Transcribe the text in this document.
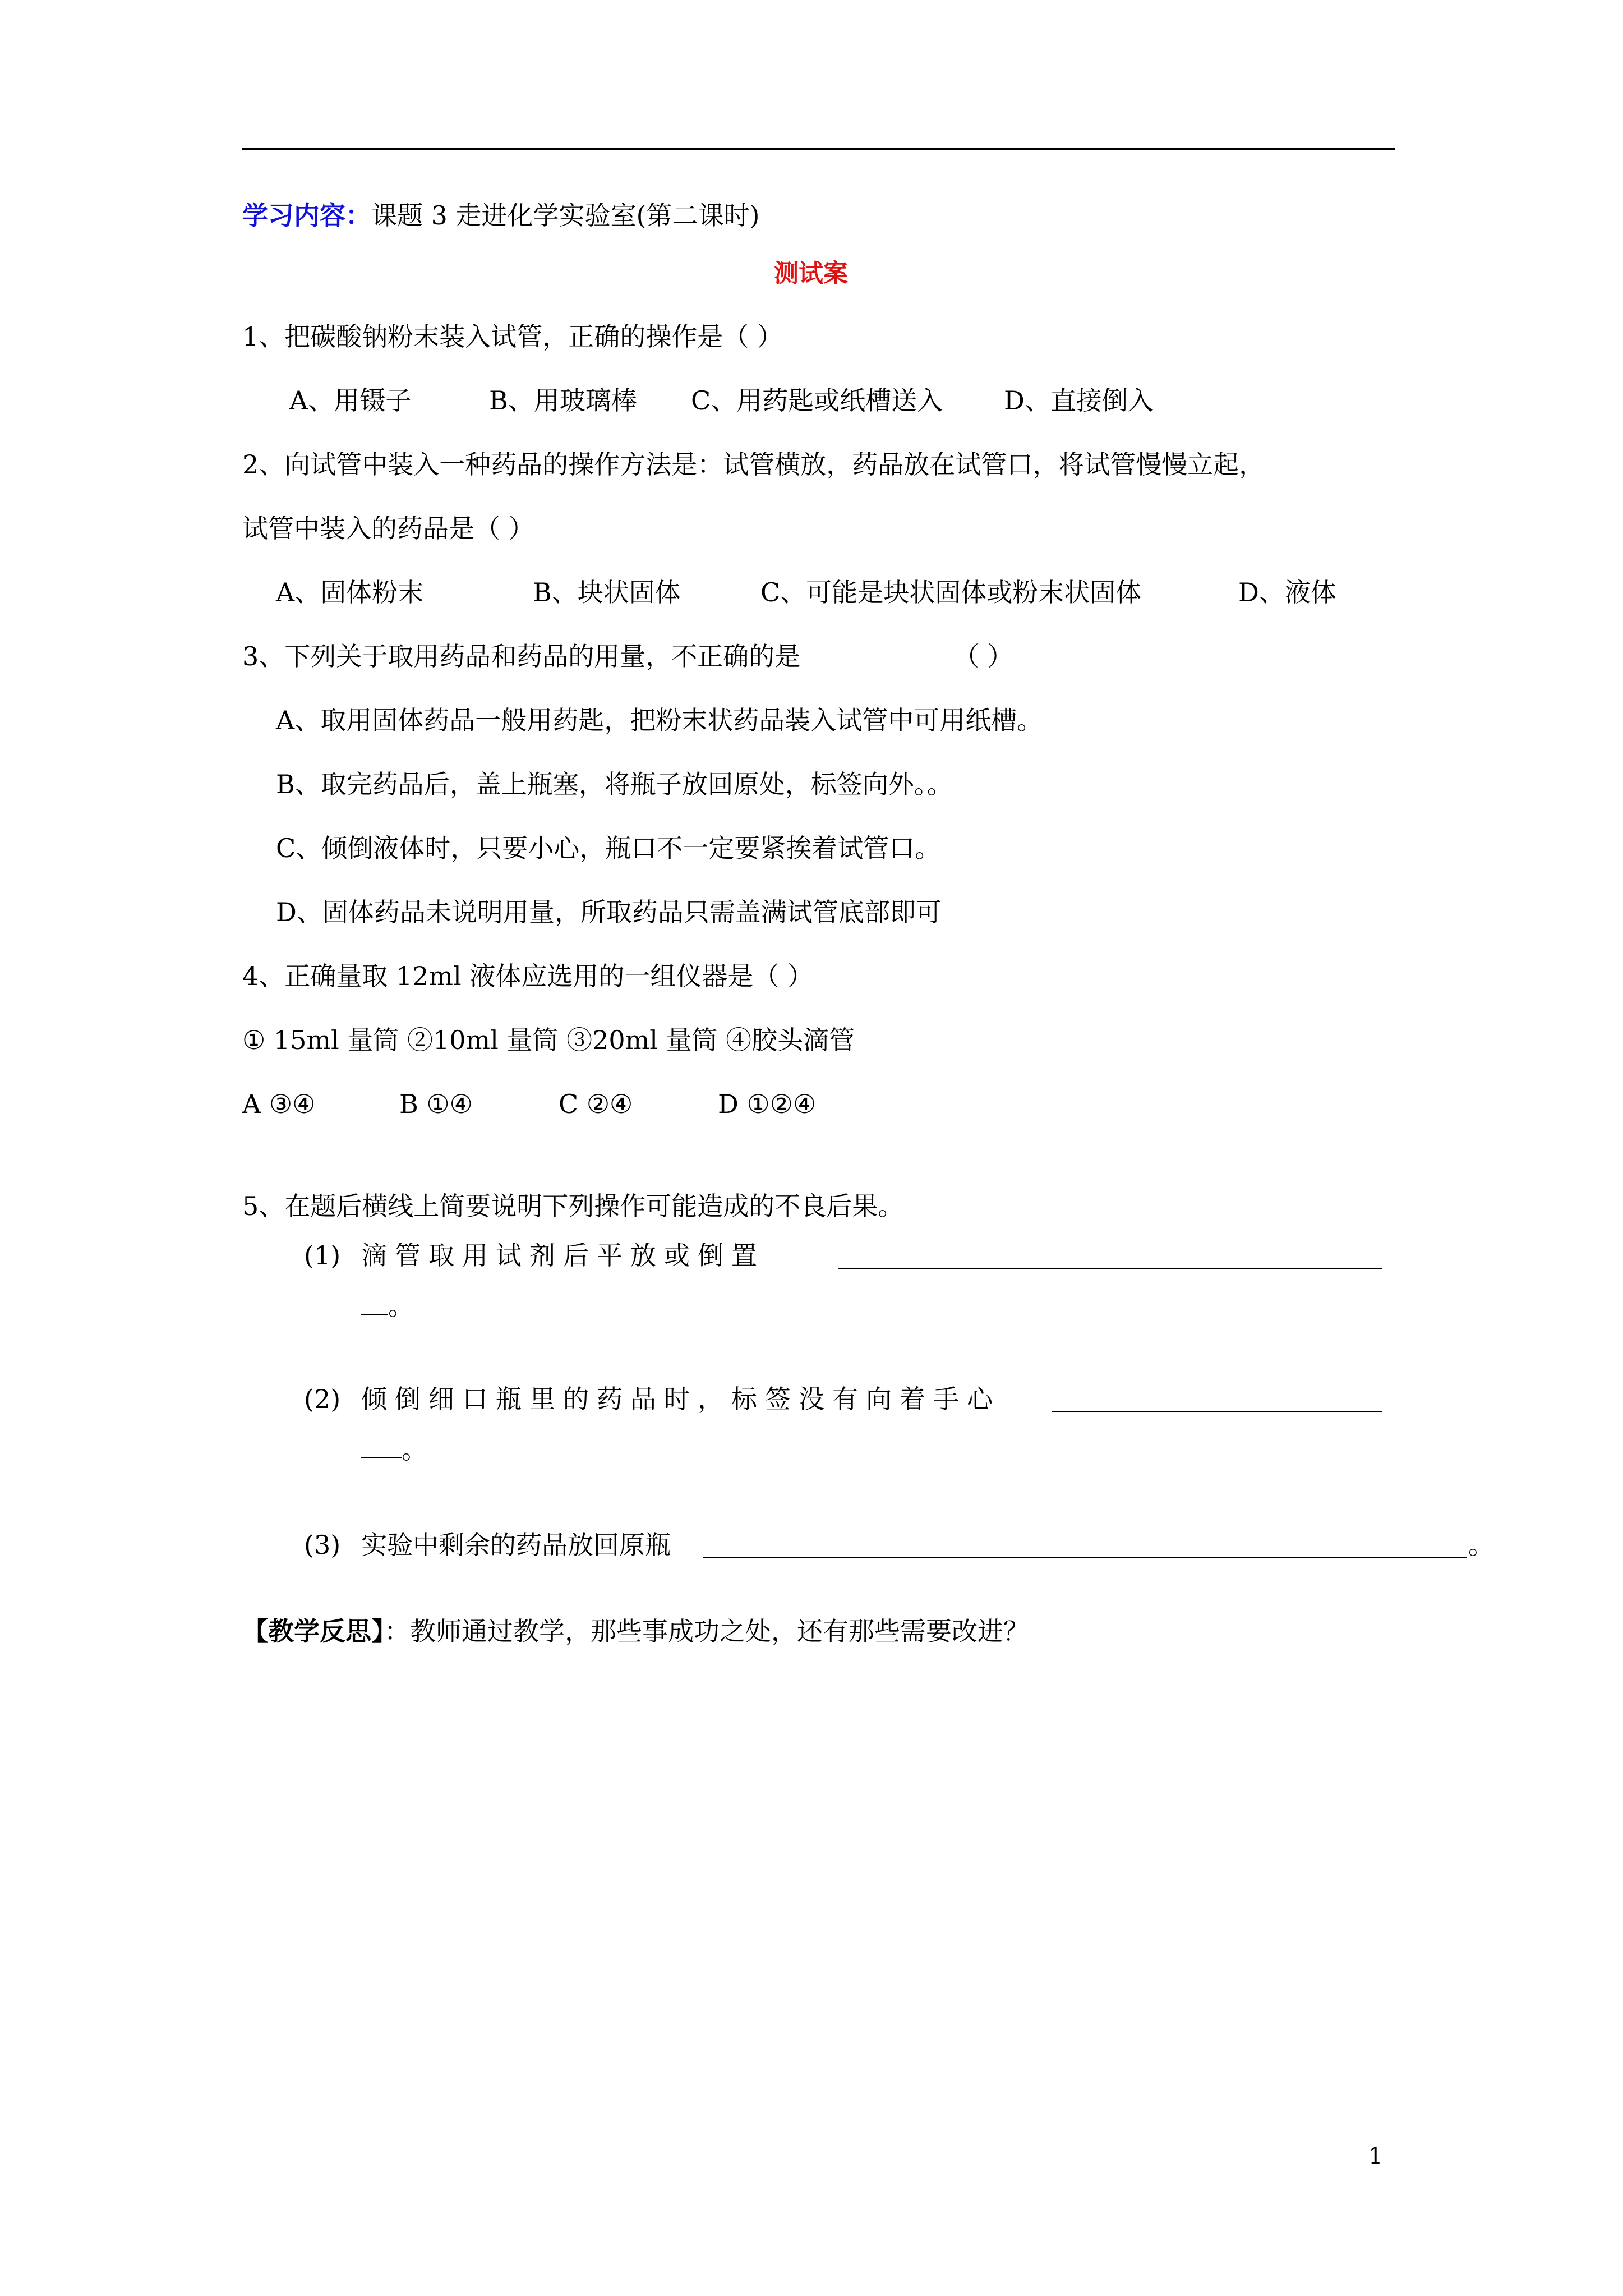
学习内容：课题 3 走进化学实验室(第二课时)
测试案
1、把碳酸钠粉末装入试管，正确的操作是（ ）
A、用镊子	B、用玻璃棒 C、用药匙或纸槽送入 D、直接倒入
2、向试管中装入一种药品的操作方法是：试管横放，药品放在试管口，将试管慢慢立起，
试管中装入的药品是（ ）
A、固体粉末	B、块状固体	C、可能是块状固体或粉末状固体	D、液体
3、下列关于取用药品和药品的用量，不正确的是	（ ）
A、取用固体药品一般用药匙，把粉末状药品装入试管中可用纸槽。
B、取完药品后，盖上瓶塞，将瓶子放回原处，标签向外。。
C、倾倒液体时，只要小心，瓶口不一定要紧挨着试管口。
D、固体药品未说明用量，所取药品只需盖满试管底部即可
4、正确量取 12ml 液体应选用的一组仪器是（ ）
① 15ml 量筒 ②10ml 量筒 ③20ml 量筒 ④胶头滴管
A ③④	B ①④	C ②④	D ①②④
5、在题后横线上简要说明下列操作可能造成的不良后果。
(1) 滴管取用试剂后平放或倒置
。
(2) 倾倒细口瓶里的药品时，标签没有向着手心
。
(3) 实验中剩余的药品放回原瓶	。
【教学反思】：教师通过教学，那些事成功之处，还有那些需要改进？
1
